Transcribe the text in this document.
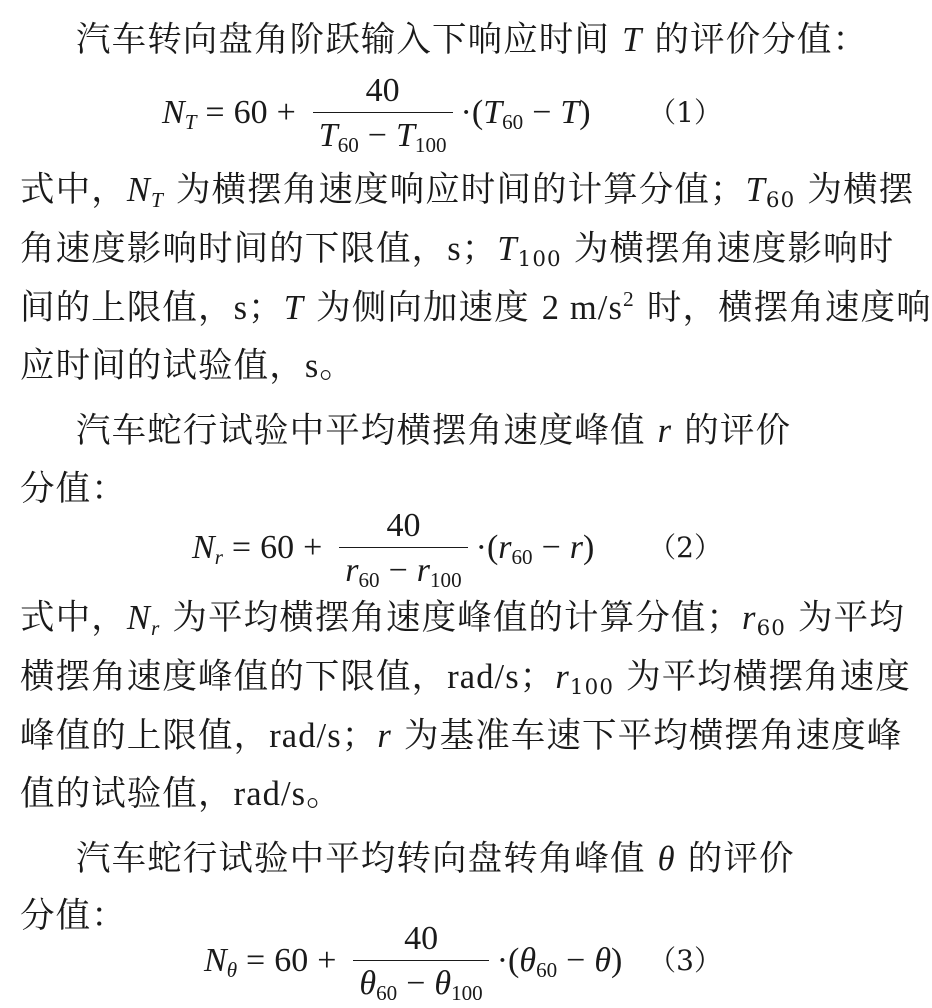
汽车转向盘角阶跃输入下响应时间 T 的评价分值：
$N_T = 60 + \frac{40}{T_{60} - T_{100}} \cdot (T_{60} - T)$ （1）
式中，$N_T$ 为横摆角速度响应时间的计算分值；$T_{60}$ 为横摆
角速度影响时间的下限值，s；$T_{100}$ 为横摆角速度影响时
间的上限值，s；T 为侧向加速度 2 $m/s^2$ 时，横摆角速度响
应时间的试验值，s。
汽车蛇行试验中平均横摆角速度峰值 r 的评价
分值：
$N_r = 60 + \frac{40}{r_{60} - r_{100}} \cdot (r_{60} - r)$ （2）
式中，$N_r$ 为平均横摆角速度峰值的计算分值；$r_{60}$ 为平均
横摆角速度峰值的下限值，rad/s；$r_{100}$ 为平均横摆角速度
峰值的上限值，rad/s；r 为基准车速下平均横摆角速度峰
值的试验值，rad/s。
汽车蛇行试验中平均转向盘转角峰值 θ 的评价
分值：
$N_\theta = 60 + \frac{40}{\theta_{60} - \theta_{100}} \cdot (\theta_{60} - \theta)$ （3）
